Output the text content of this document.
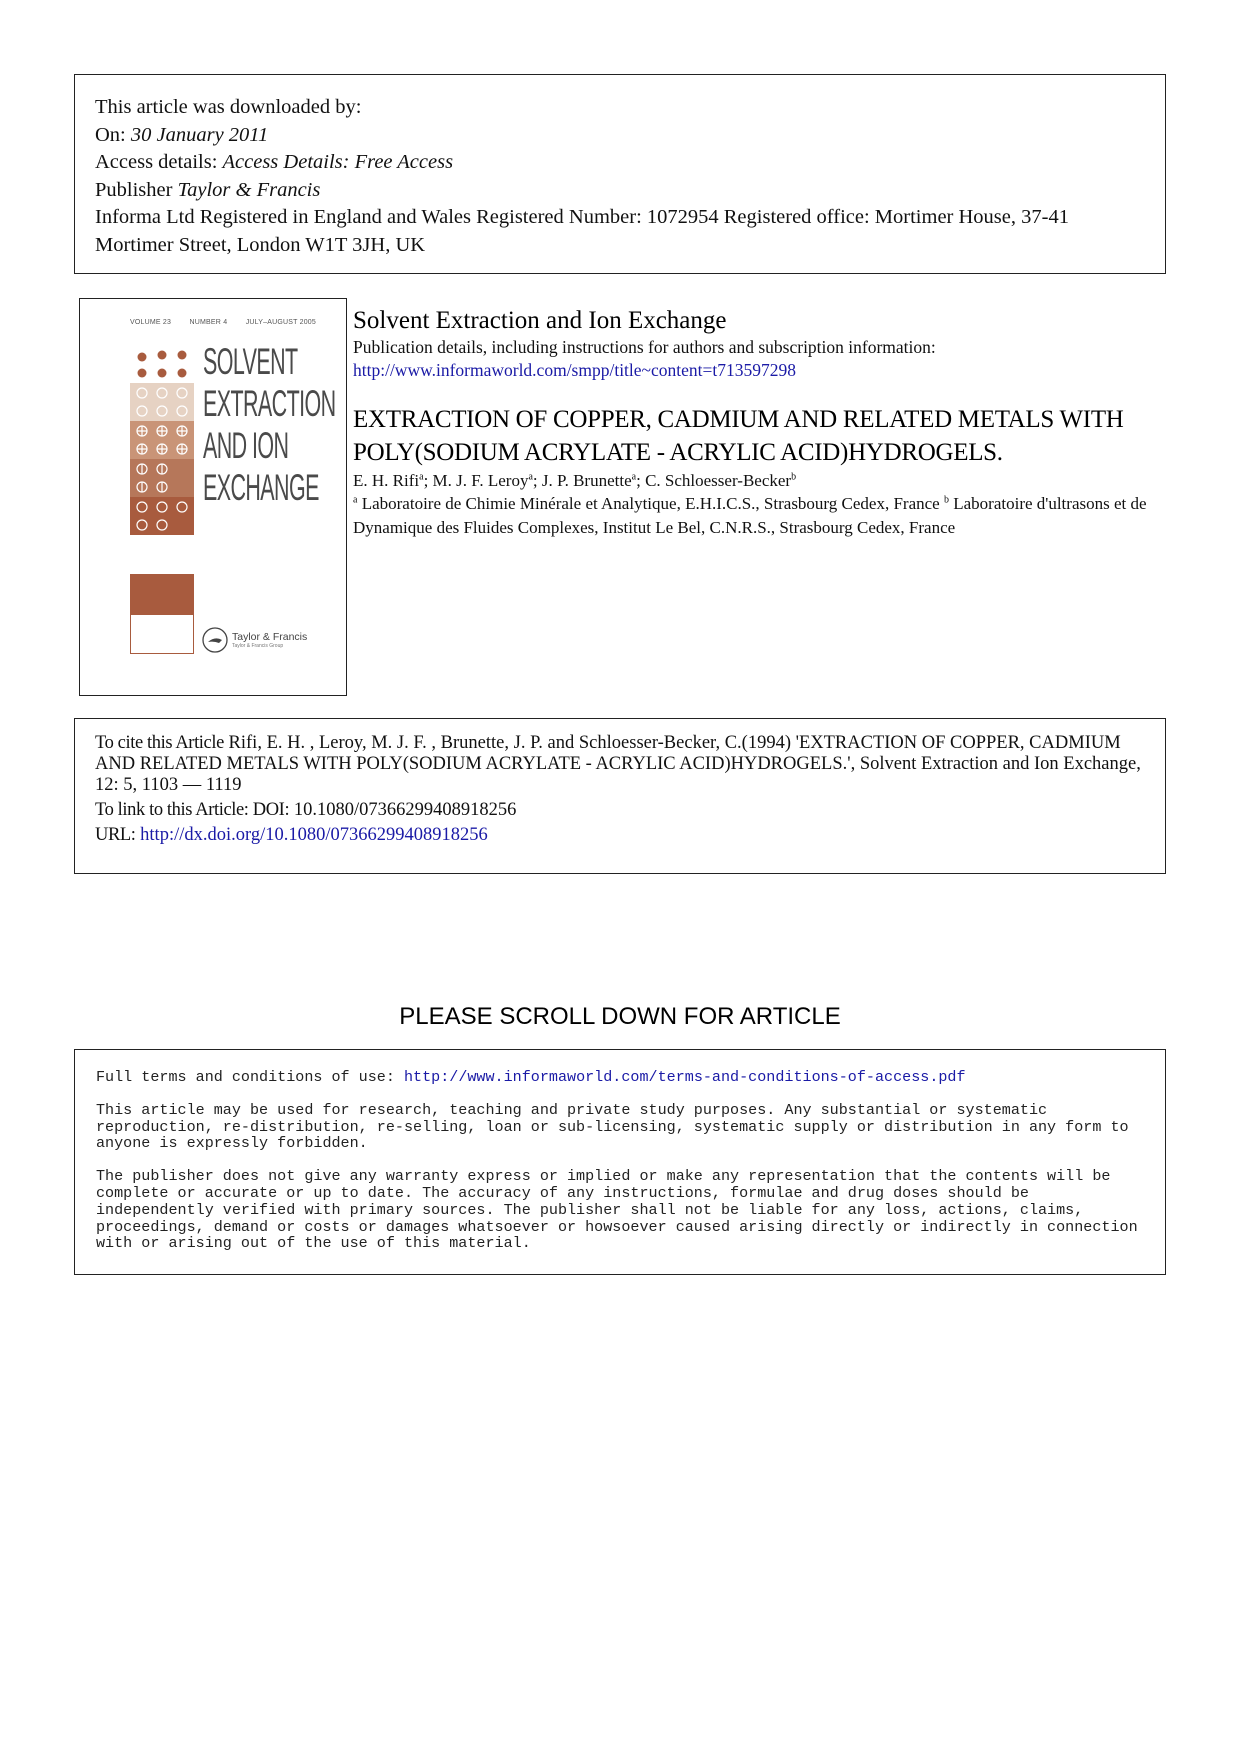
This article was downloaded by:
On: 30 January 2011
Access details: Access Details: Free Access
Publisher Taylor & Francis
Informa Ltd Registered in England and Wales Registered Number: 1072954 Registered office: Mortimer House, 37-41 Mortimer Street, London W1T 3JH, UK
VOLUME 23	NUMBER 4	JULY–AUGUST 2005
SOLVENT
EXTRACTION
AND ION
EXCHANGE
Taylor & Francis
Taylor & Francis Group
Solvent Extraction and Ion Exchange
Publication details, including instructions for authors and subscription information:
http://www.informaworld.com/smpp/title~content=t713597298
EXTRACTION OF COPPER, CADMIUM AND RELATED METALS WITH POLY(SODIUM ACRYLATE - ACRYLIC ACID)HYDROGELS.
E. H. Rifi$^a$; M. J. F. Leroy$^a$; J. P. Brunette$^a$; C. Schloesser-Becker$^b$
$^a$ Laboratoire de Chimie Minérale et Analytique, E.H.I.C.S., Strasbourg Cedex, France $^b$ Laboratoire d'ultrasons et de Dynamique des Fluides Complexes, Institut Le Bel, C.N.R.S., Strasbourg Cedex, France
To cite this Article Rifi, E. H. , Leroy, M. J. F. , Brunette, J. P. and Schloesser-Becker, C.(1994) 'EXTRACTION OF COPPER, CADMIUM AND RELATED METALS WITH POLY(SODIUM ACRYLATE - ACRYLIC ACID)HYDROGELS.', Solvent Extraction and Ion Exchange, 12: 5, 1103 — 1119
To link to this Article: DOI: 10.1080/07366299408918256
URL: http://dx.doi.org/10.1080/07366299408918256
PLEASE SCROLL DOWN FOR ARTICLE

Full terms and conditions of use: http://www.informaworld.com/terms-and-conditions-of-access.pdf

This article may be used for research, teaching and private study purposes. Any substantial or systematic reproduction, re-distribution, re-selling, loan or sub-licensing, systematic supply or distribution in any form to anyone is expressly forbidden.

The publisher does not give any warranty express or implied or make any representation that the contents will be complete or accurate or up to date. The accuracy of any instructions, formulae and drug doses should be independently verified with primary sources. The publisher shall not be liable for any loss, actions, claims, proceedings, demand or costs or damages whatsoever or howsoever caused arising directly or indirectly in connection with or arising out of the use of this material.
